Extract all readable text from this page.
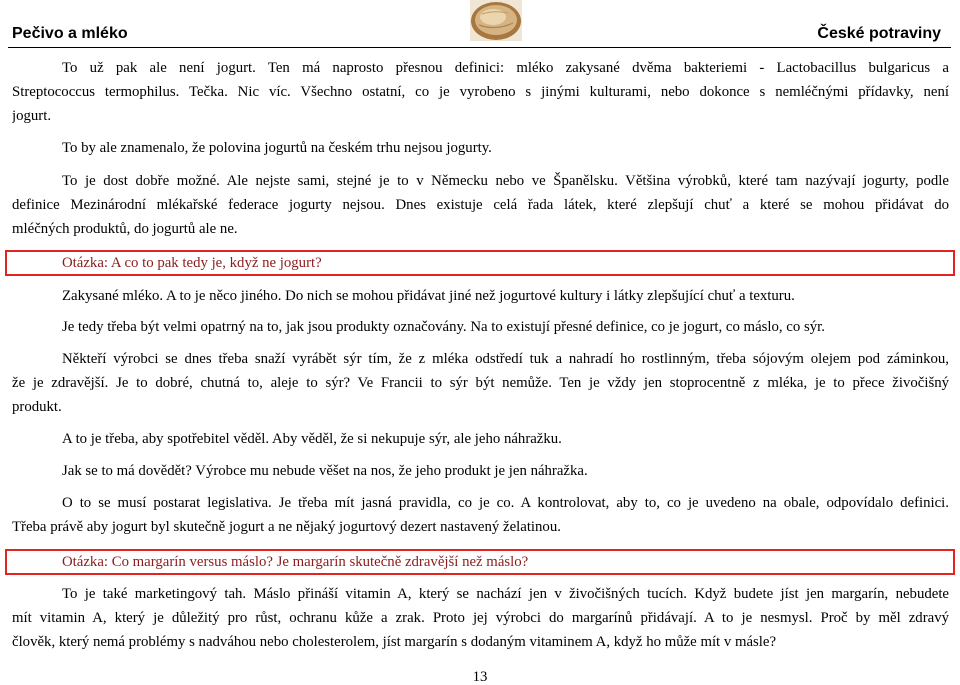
Pečivo a mléko	České potraviny
To už pak ale není jogurt. Ten má naprosto přesnou definici: mléko zakysané dvěma bakteriemi - Lactobacillus bulgaricus a
Streptococcus termophilus. Tečka. Nic víc. Všechno ostatní, co je vyrobeno s jinými kulturami, nebo dokonce s nemléčnými přídavky, není
jogurt.
To by ale znamenalo, že polovina jogurtů na českém trhu nejsou jogurty.
To je dost dobře možné. Ale nejste sami, stejné je to v Německu nebo ve Španělsku. Většina výrobků, které tam nazývají jogurty, podle
definice Mezinárodní mlékařské federace jogurty nejsou. Dnes existuje celá řada látek, které zlepšují chuť a které se mohou přidávat do
mléčných produktů, do jogurtů ale ne.
Otázka: A co to pak tedy je, když ne jogurt?
Zakysané mléko. A to je něco jiného. Do nich se mohou přidávat jiné než jogurtové kultury i látky zlepšující chuť a texturu.
Je tedy třeba být velmi opatrný na to, jak jsou produkty označovány. Na to existují přesné definice, co je jogurt, co máslo, co sýr.
Někteří výrobci se dnes třeba snaží vyrábět sýr tím, že z mléka odstředí tuk a nahradí ho rostlinným, třeba sójovým olejem pod záminkou,
že je zdravější. Je to dobré, chutná to, aleje to sýr? Ve Francii to sýr být nemůže. Ten je vždy jen stoprocentně z mléka, je to přece živočišný
produkt.
A to je třeba, aby spotřebitel věděl. Aby věděl, že si nekupuje sýr, ale jeho náhražku.
Jak se to má dovědět? Výrobce mu nebude věšet na nos, že jeho produkt je jen náhražka.
O to se musí postarat legislativa. Je třeba mít jasná pravidla, co je co. A kontrolovat, aby to, co je uvedeno na obale, odpovídalo definici.
Třeba právě aby jogurt byl skutečně jogurt a ne nějaký jogurtový dezert nastavený želatinou.
Otázka: Co margarín versus máslo? Je margarín skutečně zdravější než máslo?
To je také marketingový tah. Máslo přináší vitamin A, který se nachází jen v živočišných tucích. Když budete jíst jen margarín, nebudete
mít vitamin A, který je důležitý pro růst, ochranu kůže a zrak. Proto jej výrobci do margarínů přidávají. A to je nesmysl. Proč by měl zdravý
člověk, který nemá problémy s nadváhou nebo cholesterolem, jíst margarín s dodaným vitaminem A, když ho může mít v másle?
13
